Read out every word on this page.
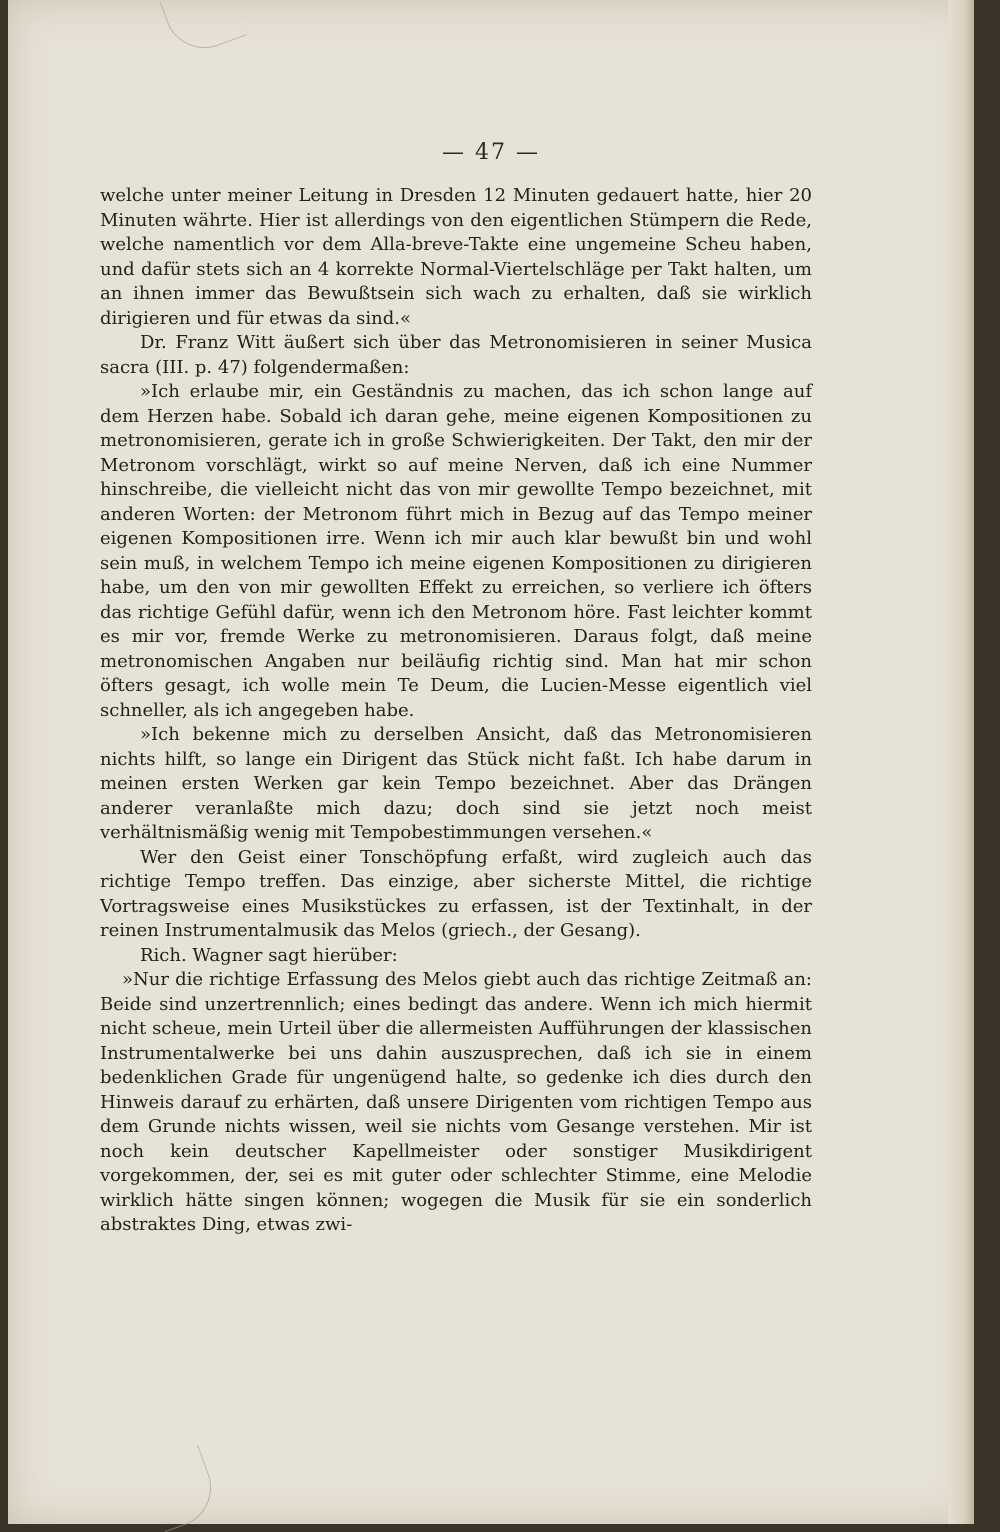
— 47 —

welche unter meiner Leitung in Dresden 12 Minuten gedauert hatte, hier 20 Minuten währte. Hier ist allerdings von den eigentlichen Stümpern die Rede, welche namentlich vor dem Alla-breve-Takte eine ungemeine Scheu haben, und dafür stets sich an 4 korrekte Normal-Viertelschläge per Takt halten, um an ihnen immer das Bewußtsein sich wach zu erhalten, daß sie wirklich dirigieren und für etwas da sind.«

Dr. Franz Witt äußert sich über das Metronomisieren in seiner Musica sacra (III. p. 47) folgendermaßen:

»Ich erlaube mir, ein Geständnis zu machen, das ich schon lange auf dem Herzen habe. Sobald ich daran gehe, meine eigenen Kompositionen zu metronomisieren, gerate ich in große Schwierigkeiten. Der Takt, den mir der Metronom vorschlägt, wirkt so auf meine Nerven, daß ich eine Nummer hinschreibe, die vielleicht nicht das von mir gewollte Tempo bezeichnet, mit anderen Worten: der Metronom führt mich in Bezug auf das Tempo meiner eigenen Kompositionen irre. Wenn ich mir auch klar bewußt bin und wohl sein muß, in welchem Tempo ich meine eigenen Kompositionen zu dirigieren habe, um den von mir gewollten Effekt zu erreichen, so verliere ich öfters das richtige Gefühl dafür, wenn ich den Metronom höre. Fast leichter kommt es mir vor, fremde Werke zu metronomisieren. Daraus folgt, daß meine metronomischen Angaben nur beiläufig richtig sind. Man hat mir schon öfters gesagt, ich wolle mein Te Deum, die Lucien-Messe eigentlich viel schneller, als ich angegeben habe.

»Ich bekenne mich zu derselben Ansicht, daß das Metronomisieren nichts hilft, so lange ein Dirigent das Stück nicht faßt. Ich habe darum in meinen ersten Werken gar kein Tempo bezeichnet. Aber das Drängen anderer veranlaßte mich dazu; doch sind sie jetzt noch meist verhältnismäßig wenig mit Tempobestimmungen versehen.«

Wer den Geist einer Tonschöpfung erfaßt, wird zugleich auch das richtige Tempo treffen. Das einzige, aber sicherste Mittel, die richtige Vortragsweise eines Musikstückes zu erfassen, ist der Textinhalt, in der reinen Instrumentalmusik das Melos (griech., der Gesang).

Rich. Wagner sagt hierüber:

»Nur die richtige Erfassung des Melos giebt auch das richtige Zeitmaß an: Beide sind unzertrennlich; eines bedingt das andere. Wenn ich mich hiermit nicht scheue, mein Urteil über die allermeisten Aufführungen der klassischen Instrumentalwerke bei uns dahin auszusprechen, daß ich sie in einem bedenklichen Grade für ungenügend halte, so gedenke ich dies durch den Hinweis darauf zu erhärten, daß unsere Dirigenten vom richtigen Tempo aus dem Grunde nichts wissen, weil sie nichts vom Gesange verstehen. Mir ist noch kein deutscher Kapellmeister oder sonstiger Musikdirigent vorgekommen, der, sei es mit guter oder schlechter Stimme, eine Melodie wirklich hätte singen können; wogegen die Musik für sie ein sonderlich abstraktes Ding, etwas zwi-
